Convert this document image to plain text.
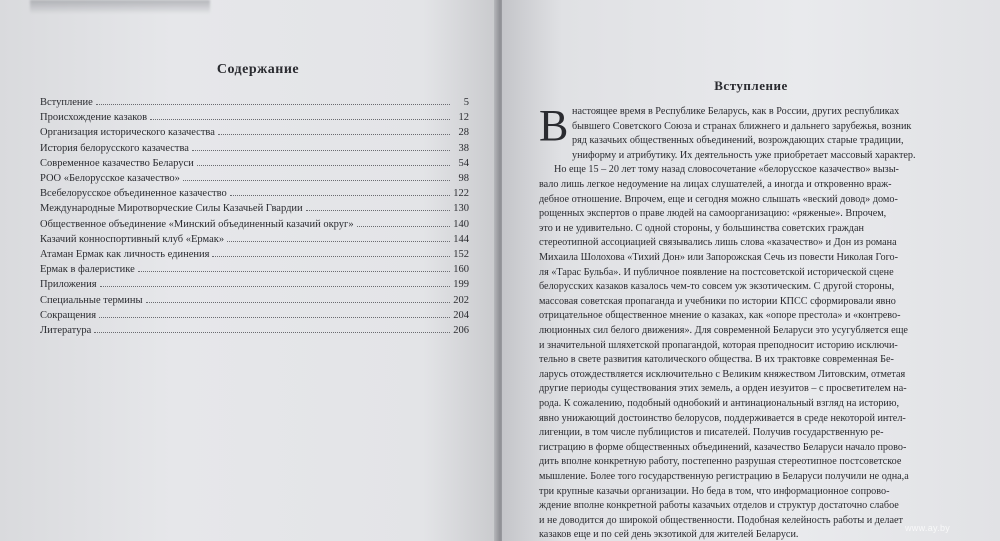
Содержание
Вступление	5
Происхождение казаков	12
Организация исторического казачества	28
История белорусского казачества	38
Современное казачество Беларуси	54
РОО «Белорусское казачество»	98
Всебелорусское объединенное казачество	122
Международные Миротворческие Силы Казачьей Гвардии	130
Общественное объединение «Минский объединенный казачий округ»	140
Казачий конноспортивный клуб «Ермак»	144
Атаман Ермак как личность единения	152
Ермак в фалеристике	160
Приложения	199
Специальные термины	202
Сокращения	204
Литература	206
Вступление
В настоящее время в Республике Беларусь, как в России, других республиках
бывшего Советского Союза и странах ближнего и дальнего зарубежья, возник
ряд казачьих общественных объединений, возрождающих старые традиции,
униформу и атрибутику. Их деятельность уже приобретает массовый характер.
Но еще 15 – 20 лет тому назад словосочетание «белорусское казачество» вызы-
вало лишь легкое недоумение на лицах слушателей, а иногда и откровенно враж-
дебное отношение. Впрочем, еще и сегодня можно слышать «веский довод» домо-
рощенных экспертов о праве людей на самоорганизацию: «ряженые». Впрочем,
это и не удивительно. С одной стороны, у большинства советских граждан
стереотипной ассоциацией связывались лишь слова «казачество» и Дон из романа
Михаила Шолохова «Тихий Дон» или Запорожская Сечь из повести Николая Гого-
ля «Тарас Бульба». И публичное появление на постсоветской исторической сцене
белорусских казаков казалось чем-то совсем уж экзотическим. С другой стороны,
массовая советская пропаганда и учебники по истории КПСС сформировали явно
отрицательное общественное мнение о казаках, как «опоре престола» и «контрево-
люционных сил белого движения». Для современной Беларуси это усугубляется еще
и значительной шляхетской пропагандой, которая преподносит историю исключи-
тельно в свете развития католического общества. В их трактовке современная Бе-
ларусь отождествляется исключительно с Великим княжеством Литовским, отметая
другие периоды существования этих земель, а орден иезуитов – с просветителем на-
рода. К сожалению, подобный однобокий и антинациональный взгляд на историю,
явно унижающий достоинство белорусов, поддерживается в среде некоторой интел-
лигенции, в том числе публицистов и писателей. Получив государственную ре-
гистрацию в форме общественных объединений, казачество Беларуси начало прово-
дить вполне конкретную работу, постепенно разрушая стереотипное постсоветское
мышление. Более того государственную регистрацию в Беларуси получили не одна,а
три крупные казачьи организации. Но беда в том, что информационное сопрово-
ждение вполне конкретной работы казачьих отделов и структур достаточно слабое
и не доводится до широкой общественности. Подобная келейность работы и делает
казаков еще и по сей день экзотикой для жителей Беларуси.
www.ay.by
